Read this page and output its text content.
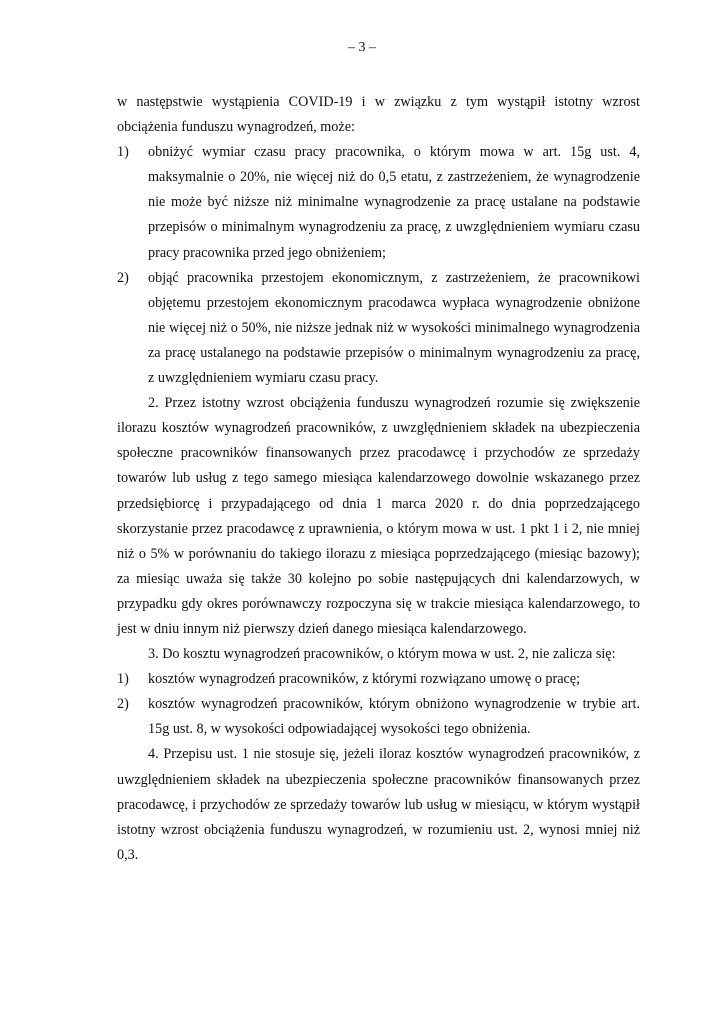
– 3 –

w następstwie wystąpienia COVID-19 i w związku z tym wystąpił istotny wzrost obciążenia funduszu wynagrodzeń, może:

1)	obniżyć wymiar czasu pracy pracownika, o którym mowa w art. 15g ust. 4, maksymalnie o 20%, nie więcej niż do 0,5 etatu, z zastrzeżeniem, że wynagrodzenie nie może być niższe niż minimalne wynagrodzenie za pracę ustalane na podstawie przepisów o minimalnym wynagrodzeniu za pracę, z uwzględnieniem wymiaru czasu pracy pracownika przed jego obniżeniem;
2)	objąć pracownika przestojem ekonomicznym, z zastrzeżeniem, że pracownikowi objętemu przestojem ekonomicznym pracodawca wypłaca wynagrodzenie obniżone nie więcej niż o 50%, nie niższe jednak niż w wysokości minimalnego wynagrodzenia za pracę ustalanego na podstawie przepisów o minimalnym wynagrodzeniu za pracę, z uwzględnieniem wymiaru czasu pracy.

2. Przez istotny wzrost obciążenia funduszu wynagrodzeń rozumie się zwiększenie ilorazu kosztów wynagrodzeń pracowników, z uwzględnieniem składek na ubezpieczenia społeczne pracowników finansowanych przez pracodawcę i przychodów ze sprzedaży towarów lub usług z tego samego miesiąca kalendarzowego dowolnie wskazanego przez przedsiębiorcę i przypadającego od dnia 1 marca 2020 r. do dnia poprzedzającego skorzystanie przez pracodawcę z uprawnienia, o którym mowa w ust. 1 pkt 1 i 2, nie mniej niż o 5% w porównaniu do takiego ilorazu z miesiąca poprzedzającego (miesiąc bazowy); za miesiąc uważa się także 30 kolejno po sobie następujących dni kalendarzowych, w przypadku gdy okres porównawczy rozpoczyna się w trakcie miesiąca kalendarzowego, to jest w dniu innym niż pierwszy dzień danego miesiąca kalendarzowego.

3. Do kosztu wynagrodzeń pracowników, o którym mowa w ust. 2, nie zalicza się:

1)	kosztów wynagrodzeń pracowników, z którymi rozwiązano umowę o pracę;
2)	kosztów wynagrodzeń pracowników, którym obniżono wynagrodzenie w trybie art. 15g ust. 8, w wysokości odpowiadającej wysokości tego obniżenia.

4. Przepisu ust. 1 nie stosuje się, jeżeli iloraz kosztów wynagrodzeń pracowników, z uwzględnieniem składek na ubezpieczenia społeczne pracowników finansowanych przez pracodawcę, i przychodów ze sprzedaży towarów lub usług w miesiącu, w którym wystąpił istotny wzrost obciążenia funduszu wynagrodzeń, w rozumieniu ust. 2, wynosi mniej niż 0,3.
